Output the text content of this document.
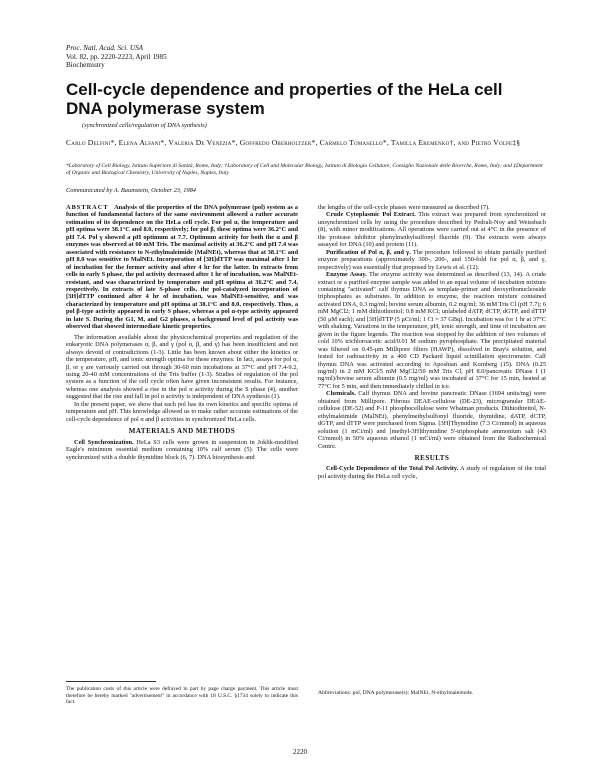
Proc. Natl. Acad. Sci. USA
Vol. 82, pp. 2220-2223, April 1985
Biochemistry
Cell-cycle dependence and properties of the HeLa cell DNA polymerase system
(synchronized cells/regulation of DNA synthesis)
Carlo Delfini*, Elena Alfani*, Valeria De Venezia*, Goffredo Oberholtzer*, Carmelo Tomasello*, Tamilla Eremenko†, and Pietro Volpe‡§
*Laboratory of Cell Biology, Istituto Superiore di Sanità, Rome, Italy; †Laboratory of Cell and Molecular Biology, Istituto di Biologia Cellulare, Consiglio Nazionale delle Ricerche, Rome, Italy; and ‡Department of Organic and Biological Chemistry, University of Naples, Naples, Italy
Communicated by A. Baumstein, October 23, 1984

ABSTRACT Analysis of the properties of the DNA polymerase (pol) system as a function of fundamental factors of the same environment allowed a rather accurate estimation of its dependence on the HeLa cell cycle. For pol α, the temperature and pH optima were 38.1°C and 8.0, respectively; for pol β, these optima were 36.2°C and pH 7.4. Pol γ showed a pH optimum at 7.7. Optimum activity for both the α and β enzymes was observed at 60 mM Tris. The maximal activity at 36.2°C and pH 7.4 was associated with resistance to N-ethylmaleimide (MalNEt), whereas that at 38.1°C and pH 8.0 was sensitive to MalNEt. Incorporation of [3H]dTTP was maximal after 1 hr of incubation for the former activity and after 4 hr for the latter. In extracts from cells in early S phase, the pol activity decreased after 1 hr of incubation, was MalNEt-resistant, and was characterized by temperature and pH optima at 36.2°C and 7.4, respectively. In extracts of late S-phase cells, the pol-catalyzed incorporation of [3H]dTTP continued after 4 hr of incubation, was MalNEt-sensitive, and was characterized by temperature and pH optima at 38.1°C and 8.0, respectively. Thus, a pol β-type activity appeared in early S phase, whereas a pol α-type activity appeared in late S. During the G1, M, and G2 phases, a background level of pol activity was observed that showed intermediate kinetic properties.

The information available about the physicochemical properties and regulation of the eukaryotic DNA polymerases α, β, and γ (pol α, β, and γ) has been insufficient and not always devoid of contradictions (1-3). Little has been known about either the kinetics or the temperature, pH, and ionic strength optima for these enzymes. In fact, assays for pol α, β, or γ are variously carried out through 30-60 min incubations at 37°C and pH 7.4-9.2, using 20-40 mM concentrations of the Tris buffer (1-3). Studies of regulation of the pol system as a function of the cell cycle often have given inconsistent results. For instance, whereas one analysis showed a rise in the pol α activity during the S phase (4), another suggested that the rise and fall in pol α activity is independent of DNA synthesis (1).

In the present paper, we show that each pol has its own kinetics and specific optima of temperature and pH. This knowledge allowed us to make rather accurate estimations of the cell-cycle dependence of pol α and β activities in synchronized HeLa cells.

MATERIALS AND METHODS

Cell Synchronization. HeLa S3 cells were grown in suspension in Joklik-modified Eagle's minimum essential medium containing 10% calf serum (5). The cells were synchronized with a double thymidine block (6, 7). DNA biosynthesis and

The publication costs of this article were defrayed in part by page charge payment. This article must therefore be hereby marked "advertisement" in accordance with 18 U.S.C. §1734 solely to indicate this fact.

the lengths of the cell-cycle phases were measured as described (7).

Crude Cytoplasmic Pol Extract. This extract was prepared from synchronized or unsynchronized cells by using the procedure described by Pedrali-Noy and Weissbach (8), with minor modifications. All operations were carried out at 4°C in the presence of the protease inhibitor phenylmethylsulfonyl fluoride (9). The extracts were always assayed for DNA (10) and protein (11).

Purification of Pol α, β, and γ. The procedure followed to obtain partially purified enzyme preparations (approximately 300-, 200-, and 150-fold for pol α, β, and γ, respectively) was essentially that proposed by Lewis et al. (12).

Enzyme Assay. The enzyme activity was determined as described (13, 14). A crude extract or a purified enzyme sample was added to an equal volume of incubation mixture containing "activated" calf thymus DNA as template-primer and deoxyribonucleoside triphosphates as substrates. In addition to enzyme, the reaction mixture contained activated DNA, 0.3 mg/ml; bovine serum albumin, 0.2 mg/ml; 36 mM Tris Cl (pH 7.7); 6 mM MgCl2; 1 mM dithiothreitol; 0.8 mM KCl; unlabeled dATP, dCTP, dGTP, and dTTP (50 μM each); and [3H]dTTP (5 μCi/ml; 1 Ci = 37 GBq). Incubation was for 1 hr at 37°C with shaking. Variations in the temperature, pH, ionic strength, and time of incubation are given in the figure legends. The reaction was stopped by the addition of two volumes of cold 10% trichloroacetic acid/0.01 M sodium pyrophosphate. The precipitated material was filtered on 0.45-μm Millipore filters (HAWP), dissolved in Bray's solution, and tested for radioactivity in a 460 CD Packard liquid scintillation spectrometer. Calf thymus DNA was activated according to Aposhian and Kornberg (15). DNA (0.25 mg/ml) in 2 mM KCl/5 mM MgCl2/50 mM Tris Cl, pH 8.0/pancreatic DNase I (1 ng/ml)/bovine serum albumin (0.5 mg/ml) was incubated at 37°C for 15 min, heated at 77°C for 5 min, and then immediately chilled in ice.

Chemicals. Calf thymus DNA and bovine pancreatic DNase (1694 units/mg) were obtained from Millipore. Fibrous DEAE-cellulose (DE-23), microgranular DEAE-cellulose (DE-52) and P-11 phosphocellulose were Whatman products. Dithiothreitol, N-ethylmaleimide (MalNEt), phenylmethylsulfonyl fluoride, thymidine, dATP, dCTP, dGTP, and dTTP were purchased from Sigma. [3H]Thymidine (7.3 Ci/mmol) in aqueous solution (1 mCi/ml) and [methyl-3H]thymidine 5'-triphosphate ammonium salt (43 Ci/mmol) in 50% aqueous ethanol (1 mCi/ml) were obtained from the Radiochemical Centre.

RESULTS

Cell-Cycle Dependence of the Total Pol Activity. A study of regulation of the total pol activity during the HeLa cell cycle,

Abbreviations: pol, DNA polymerase(s); MalNEt, N-ethylmaleimide.
2220
